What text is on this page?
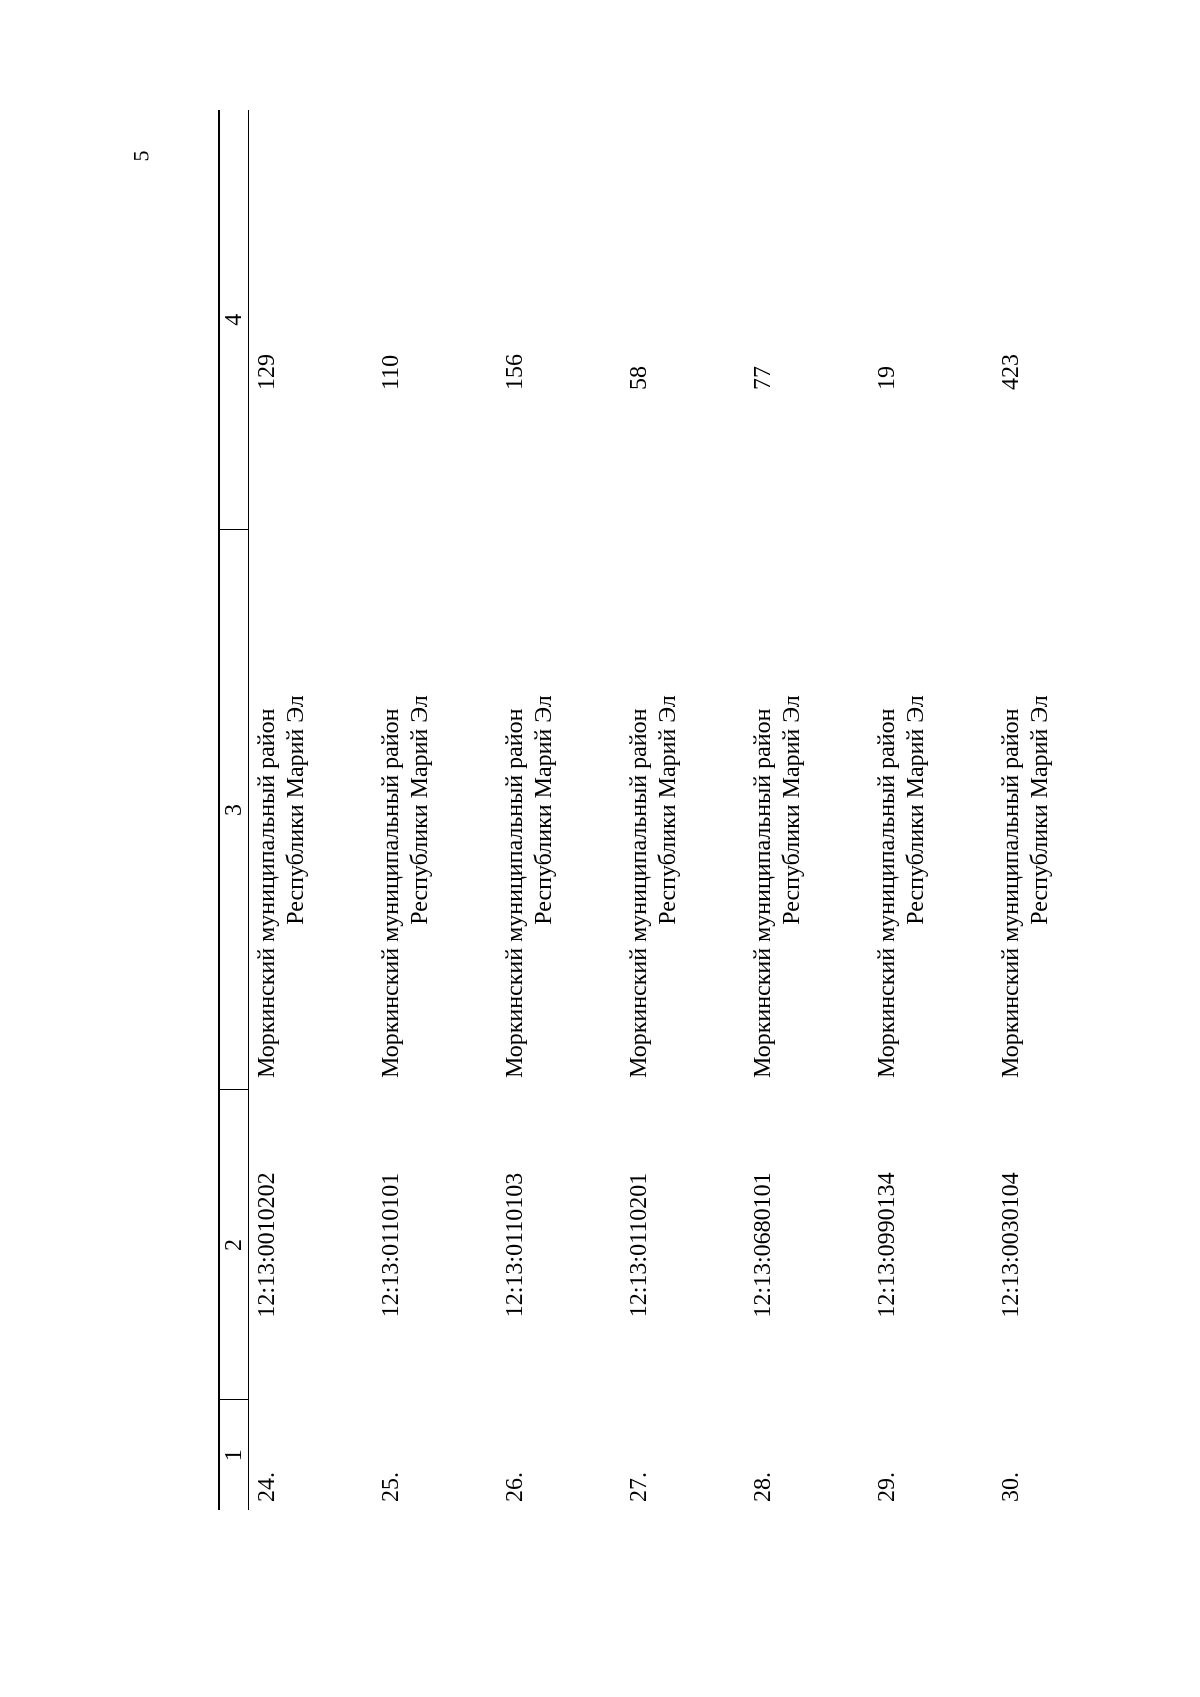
5
1	2	3	4
24.	12:13:0010202	Моркинский муниципальный район Республики Марий Эл	129
25.	12:13:0110101	Моркинский муниципальный район Республики Марий Эл	110
26.	12:13:0110103	Моркинский муниципальный район Республики Марий Эл	156
27.	12:13:0110201	Моркинский муниципальный район Республики Марий Эл	58
28.	12:13:0680101	Моркинский муниципальный район Республики Марий Эл	77
29.	12:13:0990134	Моркинский муниципальный район Республики Марий Эл	19
30.	12:13:0030104	Моркинский муниципальный район Республики Марий Эл	423
